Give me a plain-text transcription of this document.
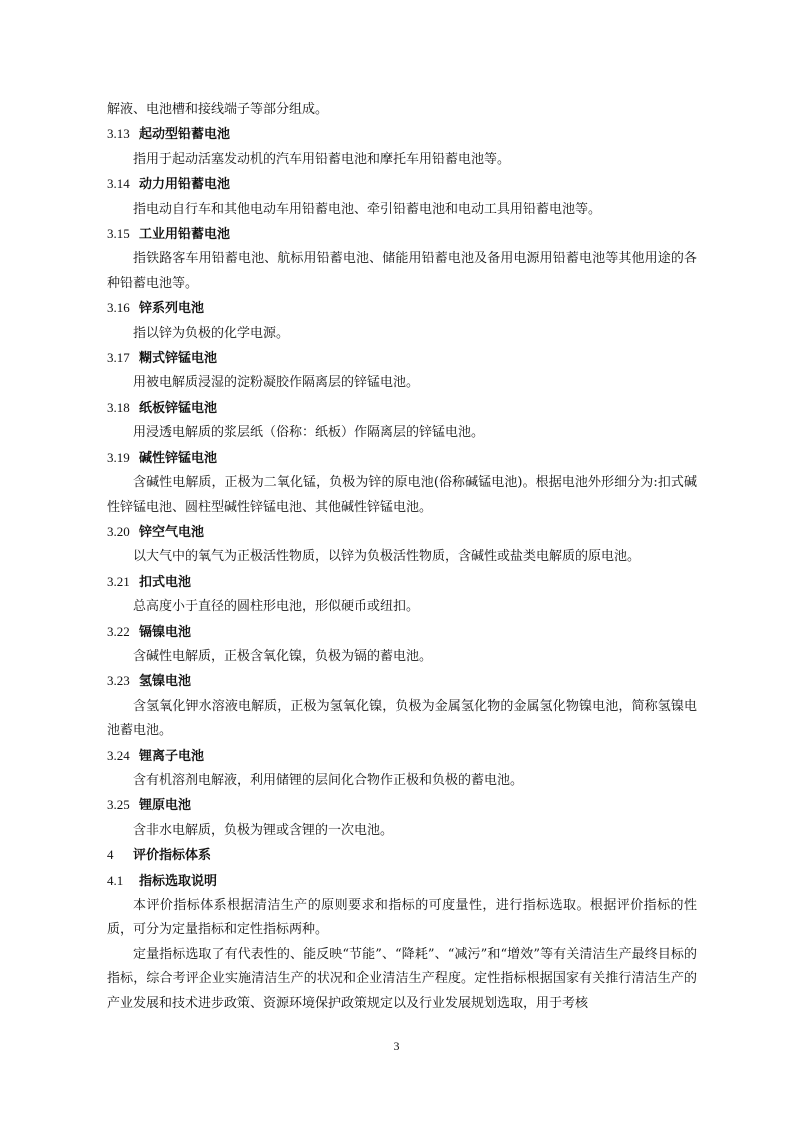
解液、电池槽和接线端子等部分组成。
3.13 起动型铅蓄电池
指用于起动活塞发动机的汽车用铅蓄电池和摩托车用铅蓄电池等。
3.14 动力用铅蓄电池
指电动自行车和其他电动车用铅蓄电池、牵引铅蓄电池和电动工具用铅蓄电池等。
3.15 工业用铅蓄电池
指铁路客车用铅蓄电池、航标用铅蓄电池、储能用铅蓄电池及备用电源用铅蓄电池等其他用途的各种铅蓄电池等。
3.16 锌系列电池
指以锌为负极的化学电源。
3.17 糊式锌锰电池
用被电解质浸湿的淀粉凝胶作隔离层的锌锰电池。
3.18 纸板锌锰电池
用浸透电解质的浆层纸（俗称：纸板）作隔离层的锌锰电池。
3.19 碱性锌锰电池
含碱性电解质，正极为二氧化锰，负极为锌的原电池(俗称碱锰电池)。根据电池外形细分为:扣式碱性锌锰电池、圆柱型碱性锌锰电池、其他碱性锌锰电池。
3.20 锌空气电池
以大气中的氧气为正极活性物质，以锌为负极活性物质，含碱性或盐类电解质的原电池。
3.21 扣式电池
总高度小于直径的圆柱形电池，形似硬币或纽扣。
3.22 镉镍电池
含碱性电解质，正极含氧化镍，负极为镉的蓄电池。
3.23 氢镍电池
含氢氧化钾水溶液电解质，正极为氢氧化镍，负极为金属氢化物的金属氢化物镍电池，简称氢镍电池蓄电池。
3.24 锂离子电池
含有机溶剂电解液，利用储锂的层间化合物作正极和负极的蓄电池。
3.25 锂原电池
含非水电解质，负极为锂或含锂的一次电池。
4 评价指标体系
4.1 指标选取说明
本评价指标体系根据清洁生产的原则要求和指标的可度量性，进行指标选取。根据评价指标的性质，可分为定量指标和定性指标两种。
定量指标选取了有代表性的、能反映“节能”、“降耗”、“减污”和“增效”等有关清洁生产最终目标的指标，综合考评企业实施清洁生产的状况和企业清洁生产程度。定性指标根据国家有关推行清洁生产的产业发展和技术进步政策、资源环境保护政策规定以及行业发展规划选取，用于考核
3
